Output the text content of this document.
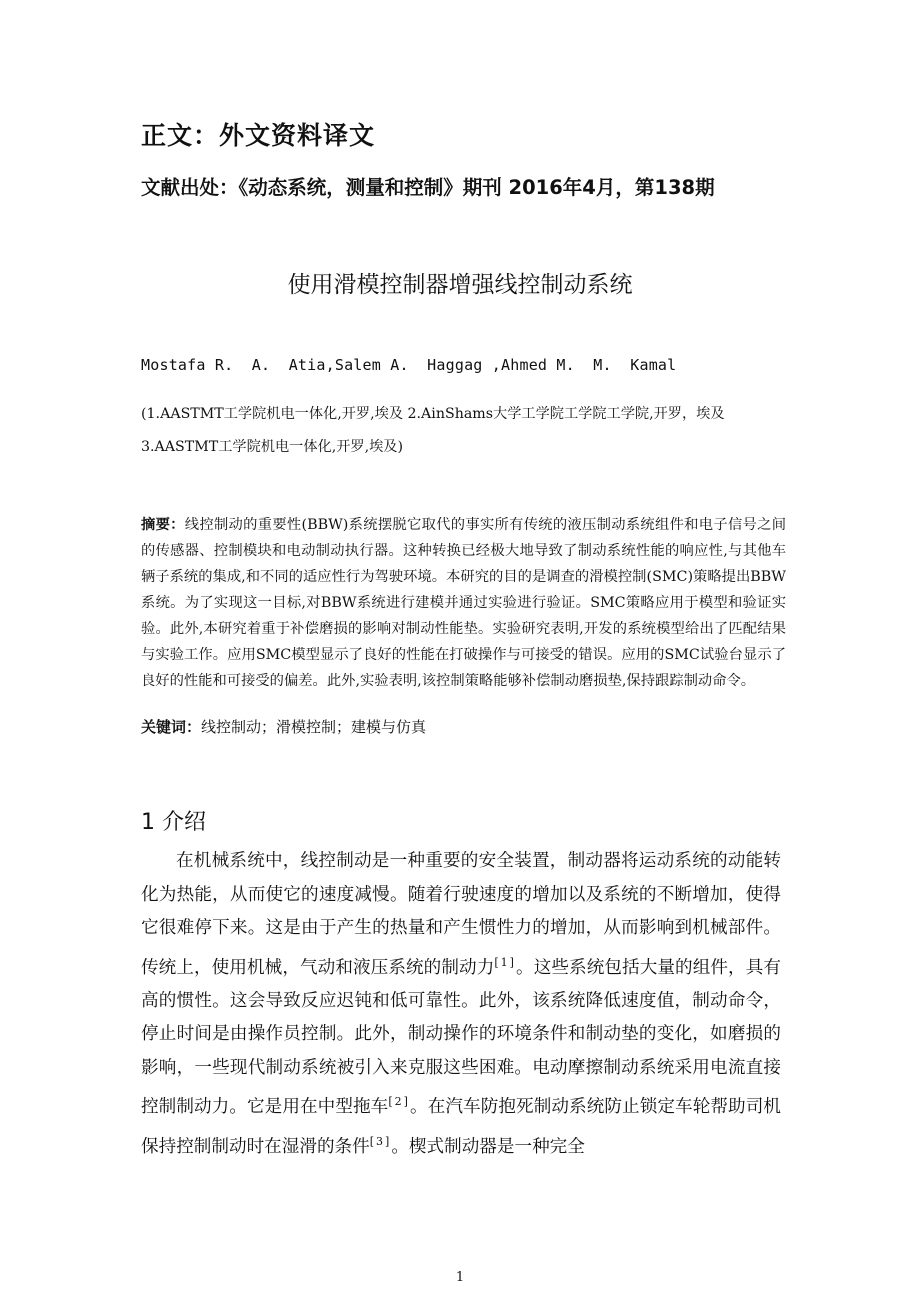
正文：外文资料译文
文献出处：《动态系统，测量和控制》期刊 2016年4月，第138期
使用滑模控制器增强线控制动系统
Mostafa R.  A.  Atia,Salem A.  Haggag ,Ahmed M.  M.  Kamal
(1.AASTMT工学院机电一体化,开罗,埃及 2.AinShams大学工学院工学院工学院,开罗，埃及 3.AASTMT工学院机电一体化,开罗,埃及)
摘要：线控制动的重要性(BBW)系统摆脱它取代的事实所有传统的液压制动系统组件和电子信号之间的传感器、控制模块和电动制动执行器。这种转换已经极大地导致了制动系统性能的响应性,与其他车辆子系统的集成,和不同的适应性行为驾驶环境。本研究的目的是调查的滑模控制(SMC)策略提出BBW系统。为了实现这一目标,对BBW系统进行建模并通过实验进行验证。SMC策略应用于模型和验证实验。此外,本研究着重于补偿磨损的影响对制动性能垫。实验研究表明,开发的系统模型给出了匹配结果与实验工作。应用SMC模型显示了良好的性能在打破操作与可接受的错误。应用的SMC试验台显示了良好的性能和可接受的偏差。此外,实验表明,该控制策略能够补偿制动磨损垫,保持跟踪制动命令。
关键词：线控制动；滑模控制；建模与仿真
1 介绍
在机械系统中，线控制动是一种重要的安全装置，制动器将运动系统的动能转化为热能，从而使它的速度减慢。随着行驶速度的增加以及系统的不断增加，使得它很难停下来。这是由于产生的热量和产生惯性力的增加，从而影响到机械部件。传统上，使用机械，气动和液压系统的制动力[1]。这些系统包括大量的组件，具有高的惯性。这会导致反应迟钝和低可靠性。此外，该系统降低速度值，制动命令，停止时间是由操作员控制。此外，制动操作的环境条件和制动垫的变化，如磨损的影响，一些现代制动系统被引入来克服这些困难。电动摩擦制动系统采用电流直接控制制动力。它是用在中型拖车[2]。在汽车防抱死制动系统防止锁定车轮帮助司机保持控制制动时在湿滑的条件[3]。楔式制动器是一种完全
1
